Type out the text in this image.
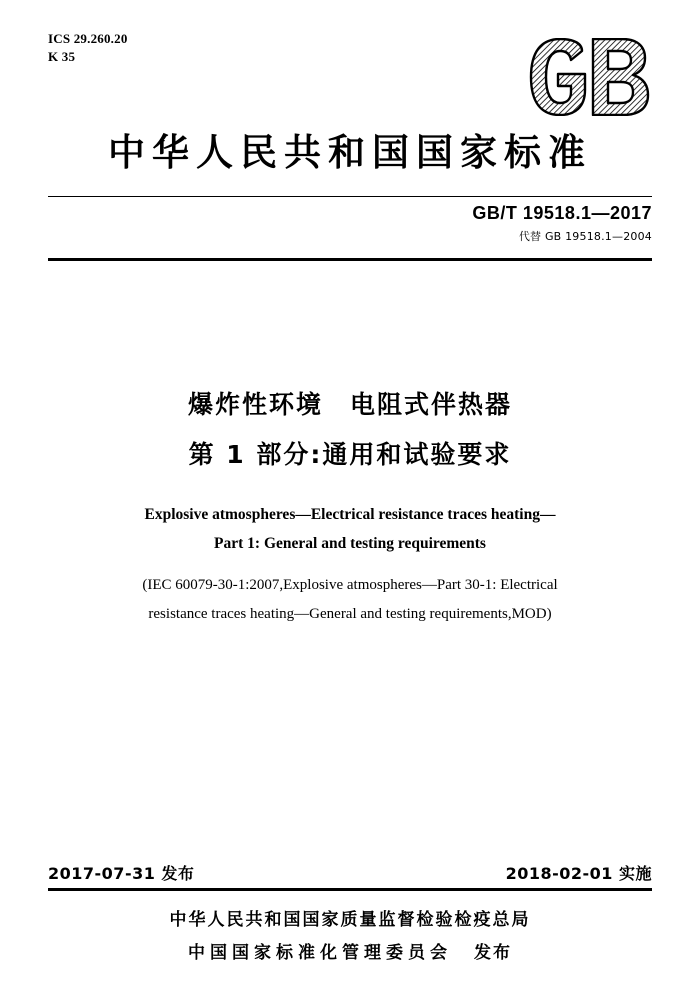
ICS 29.260.20
K 35
中华人民共和国国家标准
GB/T 19518.1—2017
代替 GB 19518.1—2004
爆炸性环境　电阻式伴热器
第 1 部分:通用和试验要求
Explosive atmospheres—Electrical resistance traces heating—
Part 1: General and testing requirements
(IEC 60079-30-1:2007,Explosive atmospheres—Part 30-1: Electrical
resistance traces heating—General and testing requirements,MOD)
2017-07-31 发布	2018-02-01 实施
中华人民共和国国家质量监督检验检疫总局
中国国家标准化管理委员会 发布
